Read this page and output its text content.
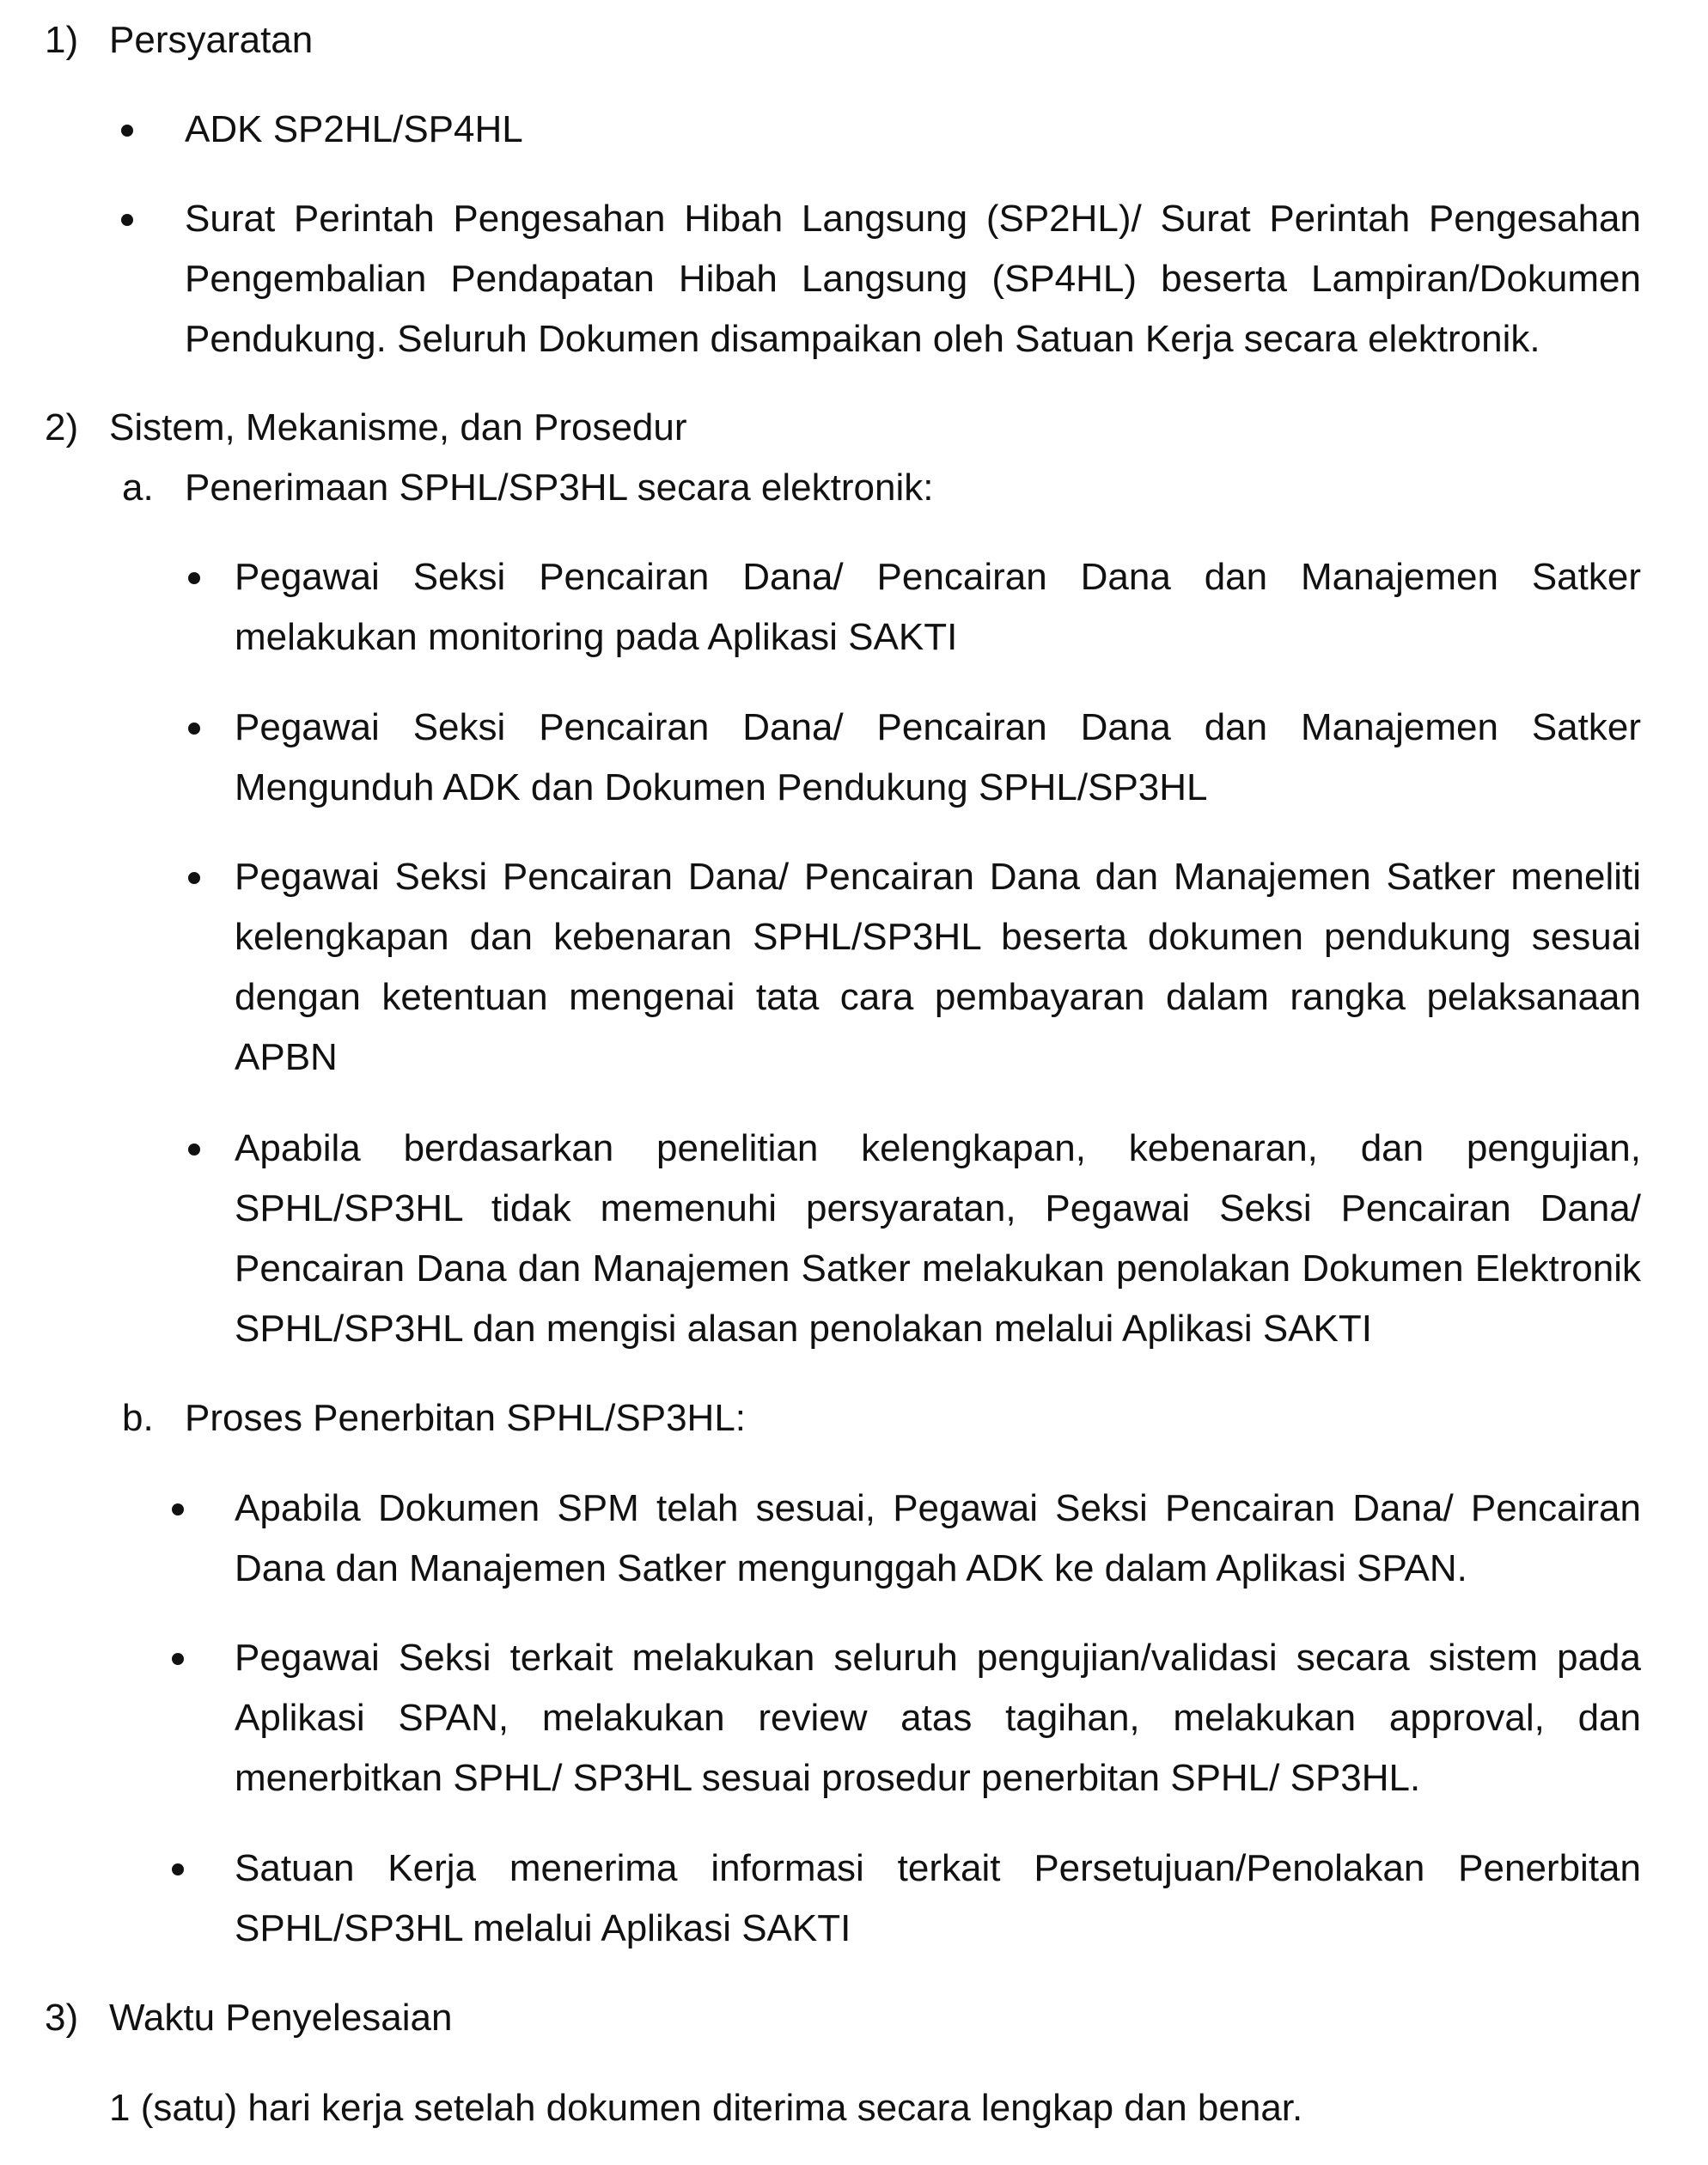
1) Persyaratan

ADK SP2HL/SP4HL

Surat Perintah Pengesahan Hibah Langsung (SP2HL)/ Surat Perintah Pengesahan Pengembalian Pendapatan Hibah Langsung (SP4HL) beserta Lampiran/Dokumen Pendukung. Seluruh Dokumen disampaikan oleh Satuan Kerja secara elektronik.

2) Sistem, Mekanisme, dan Prosedur
a. Penerimaan SPHL/SP3HL secara elektronik:

Pegawai Seksi Pencairan Dana/ Pencairan Dana dan Manajemen Satker melakukan monitoring pada Aplikasi SAKTI

Pegawai Seksi Pencairan Dana/ Pencairan Dana dan Manajemen Satker Mengunduh ADK dan Dokumen Pendukung SPHL/SP3HL

Pegawai Seksi Pencairan Dana/ Pencairan Dana dan Manajemen Satker meneliti kelengkapan dan kebenaran SPHL/SP3HL beserta dokumen pendukung sesuai dengan ketentuan mengenai tata cara pembayaran dalam rangka pelaksanaan APBN

Apabila berdasarkan penelitian kelengkapan, kebenaran, dan pengujian, SPHL/SP3HL tidak memenuhi persyaratan, Pegawai Seksi Pencairan Dana/ Pencairan Dana dan Manajemen Satker melakukan penolakan Dokumen Elektronik SPHL/SP3HL dan mengisi alasan penolakan melalui Aplikasi SAKTI

b. Proses Penerbitan SPHL/SP3HL:

Apabila Dokumen SPM telah sesuai, Pegawai Seksi Pencairan Dana/ Pencairan Dana dan Manajemen Satker mengunggah ADK ke dalam Aplikasi SPAN.

Pegawai Seksi terkait melakukan seluruh pengujian/validasi secara sistem pada Aplikasi SPAN, melakukan review atas tagihan, melakukan approval, dan menerbitkan SPHL/ SP3HL sesuai prosedur penerbitan SPHL/ SP3HL.

Satuan Kerja menerima informasi terkait Persetujuan/Penolakan Penerbitan SPHL/SP3HL melalui Aplikasi SAKTI

3) Waktu Penyelesaian

1 (satu) hari kerja setelah dokumen diterima secara lengkap dan benar.
